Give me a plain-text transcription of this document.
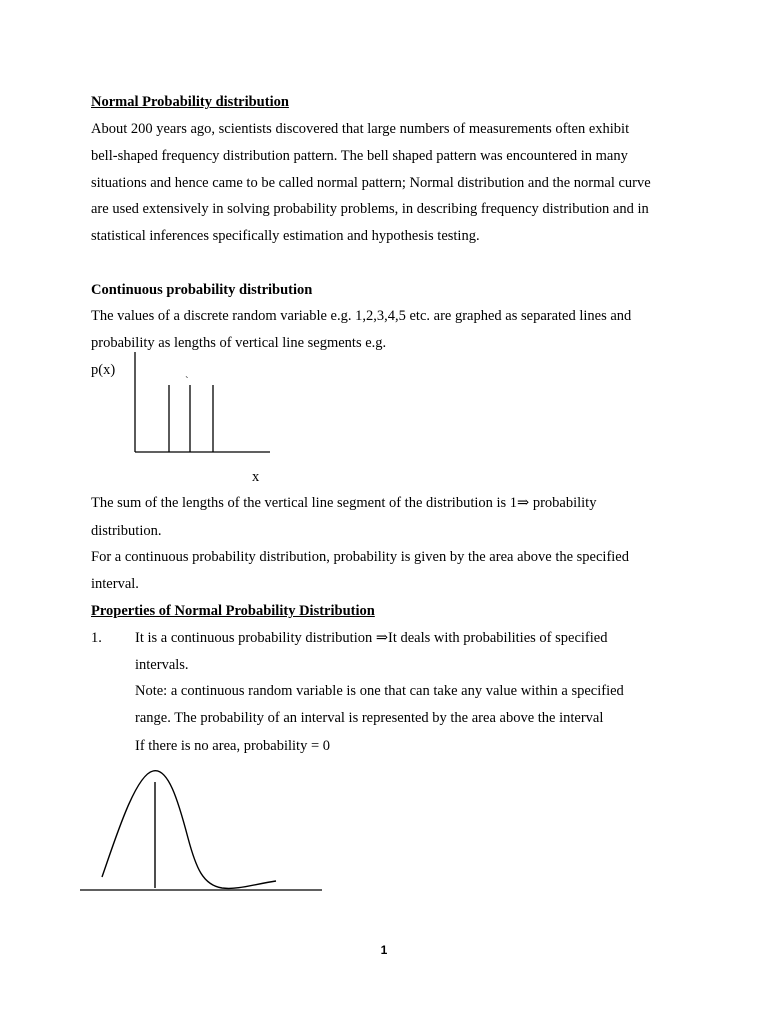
Normal Probability distribution
About 200 years ago, scientists discovered that large numbers of measurements often exhibit
bell-shaped frequency distribution pattern. The bell shaped pattern was encountered in many
situations and hence came to be called normal pattern; Normal distribution and the normal curve
are used extensively in solving probability problems, in describing frequency distribution and in
statistical inferences specifically estimation and hypothesis testing.
Continuous probability distribution
The values of a discrete random variable e.g. 1,2,3,4,5 etc. are graphed as separated lines and
probability as lengths of vertical line segments e.g.
p(x)
`
x
The sum of the lengths of the vertical line segment of the distribution is 1⇒ probability
distribution.
For a continuous probability distribution, probability is given by the area above the specified
interval.
Properties of Normal Probability Distribution
1. It is a continuous probability distribution ⇒It deals with probabilities of specified
intervals.
Note: a continuous random variable is one that can take any value within a specified
range. The probability of an interval is represented by the area above the interval
If there is no area, probability = 0
1
